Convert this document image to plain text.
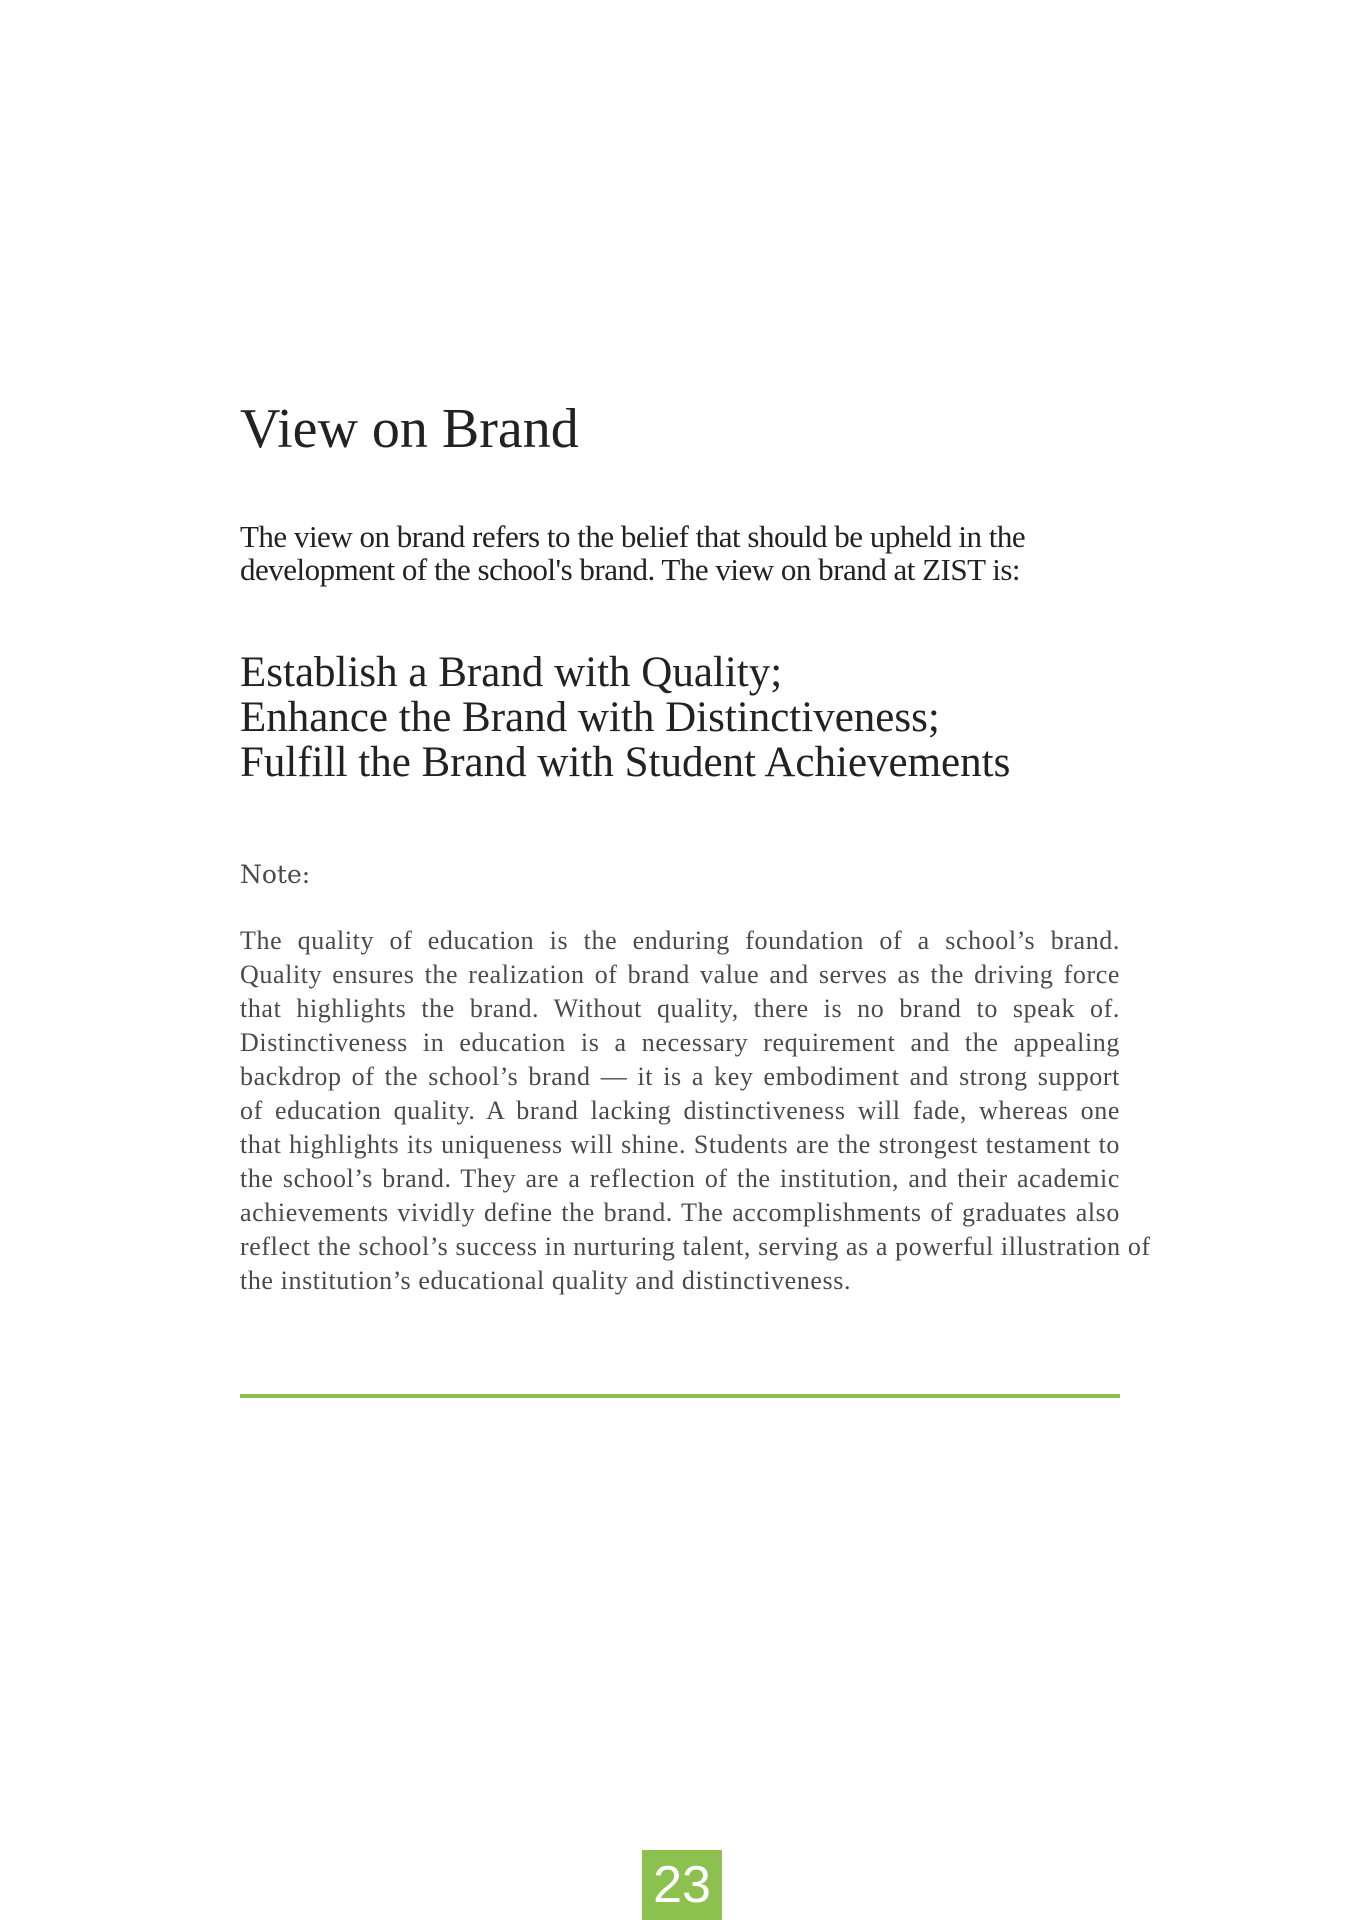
View on Brand
The view on brand refers to the belief that should be upheld in the
development of the school's brand. The view on brand at ZIST is:
Establish a Brand with Quality;
Enhance the Brand with Distinctiveness;
Fulfill the Brand with Student Achievements
Note:
The quality of education is the enduring foundation of a school’s brand.
Quality ensures the realization of brand value and serves as the driving force
that highlights the brand. Without quality, there is no brand to speak of.
Distinctiveness in education is a necessary requirement and the appealing
backdrop of the school’s brand — it is a key embodiment and strong support
of education quality. A brand lacking distinctiveness will fade, whereas one
that highlights its uniqueness will shine. Students are the strongest testament to
the school’s brand. They are a reflection of the institution, and their academic
achievements vividly define the brand. The accomplishments of graduates also
reflect the school’s success in nurturing talent, serving as a powerful illustration of
the institution’s educational quality and distinctiveness.
23
